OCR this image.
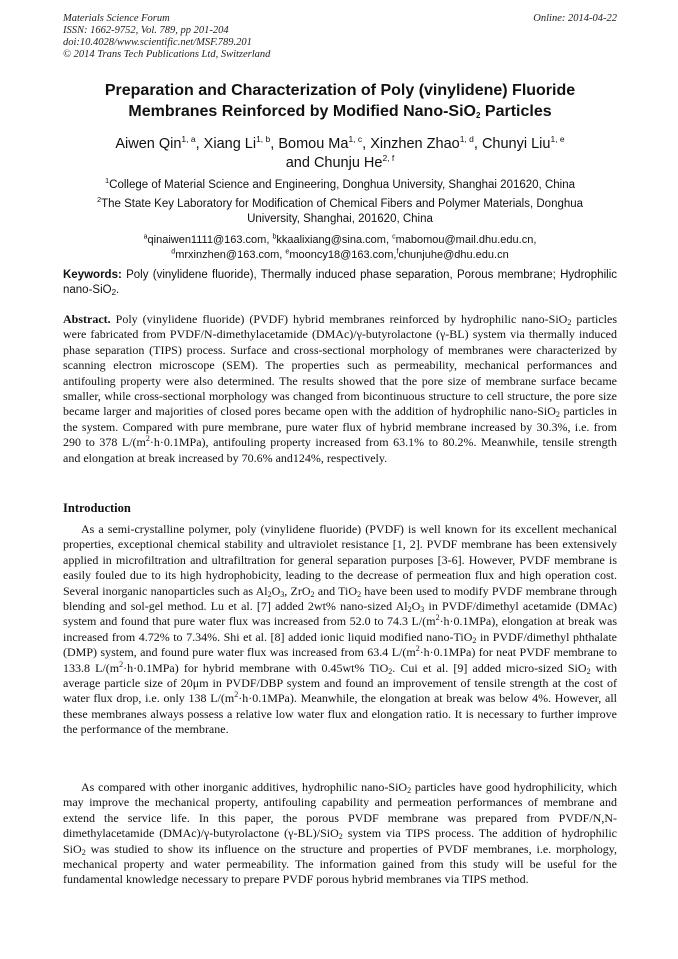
Materials Science Forum
ISSN: 1662-9752, Vol. 789, pp 201-204
doi:10.4028/www.scientific.net/MSF.789.201
© 2014 Trans Tech Publications Ltd, Switzerland
Online: 2014-04-22
Preparation and Characterization of Poly (vinylidene) Fluoride
Membranes Reinforced by Modified Nano-SiO$_2$ Particles
Aiwen Qin$^{1, a}$, Xiang Li$^{1, b}$, Bomou Ma$^{1, c}$, Xinzhen Zhao$^{1, d}$, Chunyi Liu$^{1, e}$
and Chunju He$^{2, f}$
$^1$College of Material Science and Engineering, Donghua University, Shanghai 201620, China
$^2$The State Key Laboratory for Modification of Chemical Fibers and Polymer Materials, Donghua
University, Shanghai, 201620, China
$^a$qinaiwen1111@163.com, $^b$kkaalixiang@sina.com, $^c$mabomou@mail.dhu.edu.cn,
$^d$mrxinzhen@163.com, $^e$mooncy18@163.com,$^f$chunjuhe@dhu.edu.cn
Keywords: Poly (vinylidene fluoride), Thermally induced phase separation, Porous membrane; Hydrophilic nano-SiO$_2$.
Abstract. Poly (vinylidene fluoride) (PVDF) hybrid membranes reinforced by hydrophilic nano-SiO$_2$ particles were fabricated from PVDF/N-dimethylacetamide (DMAc)/γ-butyrolactone (γ-BL) system via thermally induced phase separation (TIPS) process. Surface and cross-sectional morphology of membranes were characterized by scanning electron microscope (SEM). The properties such as permeability, mechanical performances and antifouling property were also determined. The results showed that the pore size of membrane surface became smaller, while cross-sectional morphology was changed from bicontinuous structure to cell structure, the pore size became larger and majorities of closed pores became open with the addition of hydrophilic nano-SiO$_2$ particles in the system. Compared with pure membrane, pure water flux of hybrid membrane increased by 30.3%, i.e. from 290 to 378 $L/(m^2\cdot h\cdot 0.1MPa)$, antifouling property increased from 63.1% to 80.2%. Meanwhile, tensile strength and elongation at break increased by 70.6% and124%, respectively.
Introduction
As a semi-crystalline polymer, poly (vinylidene fluoride) (PVDF) is well known for its excellent mechanical properties, exceptional chemical stability and ultraviolet resistance [1, 2]. PVDF membrane has been extensively applied in microfiltration and ultrafiltration for general separation purposes [3-6]. However, PVDF membrane is easily fouled due to its high hydrophobicity, leading to the decrease of permeation flux and high operation cost. Several inorganic nanoparticles such as $Al_2O_3$, ZrO$_2$ and TiO$_2$ have been used to modify PVDF membrane through blending and sol-gel method. Lu et al. [7] added 2wt% nano-sized $Al_2O_3$ in PVDF/dimethyl acetamide (DMAc) system and found that pure water flux was increased from 52.0 to 74.3 $L/(m^2\cdot h\cdot 0.1MPa)$, elongation at break was increased from 4.72% to 7.34%. Shi et al. [8] added ionic liquid modified nano-TiO$_2$ in PVDF/dimethyl phthalate (DMP) system, and found pure water flux was increased from 63.4 $L/(m^2\cdot h\cdot 0.1MPa)$ for neat PVDF membrane to 133.8 $L/(m^2\cdot h\cdot 0.1MPa)$ for hybrid membrane with 0.45wt% TiO$_2$. Cui et al. [9] added micro-sized SiO$_2$ with average particle size of 20μm in PVDF/DBP system and found an improvement of tensile strength at the cost of water flux drop, i.e. only 138 $L/(m^2\cdot h\cdot 0.1MPa)$. Meanwhile, the elongation at break was below 4%. However, all these membranes always possess a relative low water flux and elongation ratio. It is necessary to further improve the performance of the membrane.
As compared with other inorganic additives, hydrophilic nano-SiO$_2$ particles have good hydrophilicity, which may improve the mechanical property, antifouling capability and permeation performances of membrane and extend the service life. In this paper, the porous PVDF membrane was prepared from PVDF/N,N-dimethylacetamide (DMAc)/γ-butyrolactone (γ-BL)/SiO$_2$ system via TIPS process. The addition of hydrophilic SiO$_2$ was studied to show its influence on the structure and properties of PVDF membranes, i.e. morphology, mechanical property and water permeability. The information gained from this study will be useful for the fundamental knowledge necessary to prepare PVDF porous hybrid membranes via TIPS method.
